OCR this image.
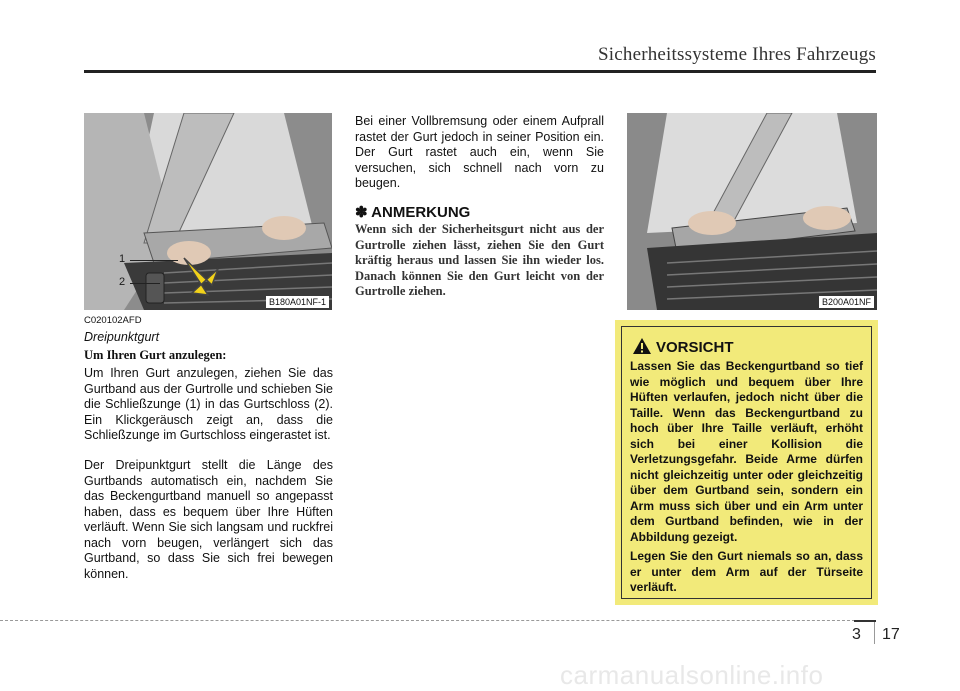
Sicherheitssysteme Ihres Fahrzeugs
1
2
B180A01NF-1	B200A01NF
C020102AFD
Dreipunktgurt
Um Ihren Gurt anzulegen:
Um Ihren Gurt anzulegen, ziehen Sie das Gurtband aus der Gurtrolle und schieben Sie die Schließzunge (1) in das Gurtschloss (2). Ein Klickgeräusch zeigt an, dass die Schließzunge im Gurtschloss eingerastet ist.
Der Dreipunktgurt stellt die Länge des Gurtbands automatisch ein, nachdem Sie das Beckengurtband manuell so angepasst haben, dass es bequem über Ihre Hüften verläuft. Wenn Sie sich langsam und ruckfrei nach vorn beugen, verlängert sich das Gurtband, so dass Sie sich frei bewegen können.
Bei einer Vollbremsung oder einem Aufprall rastet der Gurt jedoch in seiner Position ein. Der Gurt rastet auch ein, wenn Sie versuchen, sich schnell nach vorn zu beugen.
✽ ANMERKUNG
Wenn sich der Sicherheitsgurt nicht aus der Gurtrolle ziehen lässt, ziehen Sie den Gurt kräftig heraus und lassen Sie ihn wieder los. Danach können Sie den Gurt leicht von der Gurtrolle ziehen.
VORSICHT

Lassen Sie das Beckengurtband so tief wie möglich und bequem über Ihre Hüften verlaufen, jedoch nicht über die Taille. Wenn das Beckengurtband zu hoch über Ihre Taille verläuft, erhöht sich bei einer Kollision die Verletzungsgefahr. Beide Arme dürfen nicht gleichzeitig unter oder gleichzeitig über dem Gurtband sein, sondern ein Arm muss sich über und ein Arm unter dem Gurtband befinden, wie in der Abbildung gezeigt.

Legen Sie den Gurt niemals so an, dass er unter dem Arm auf der Türseite verläuft.

3 17
carmanualsonline.info
